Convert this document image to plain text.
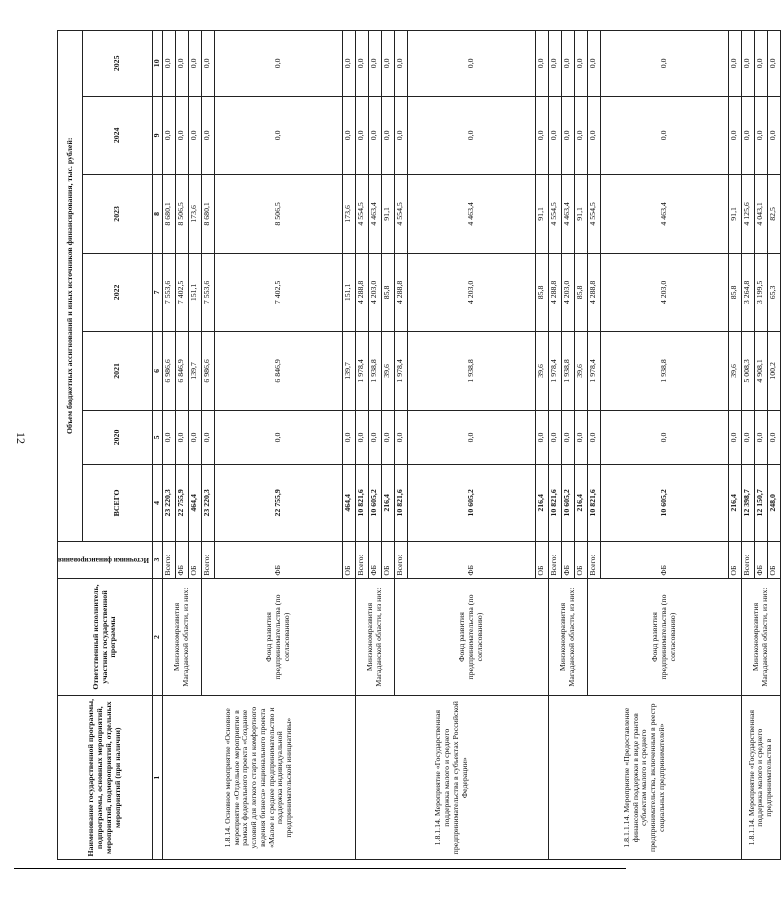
12
Наименование государственной программы, подпрограммы, основных мероприятий, мероприятий, подмероприятий, отдельных мероприятий (при наличии)	Ответственный исполнитель, участник государственной программы	Источники финансирования	Объем бюджетных ассигнований и иных источников финансирования, тыс. рублей:						
			ВСЕГО	2020	2021	2022	2023	2024	2025
1	2	3	4	5	6	7	8	9	10
1.8.14. Основное мероприятие «Основное мероприятие «Отдельное мероприятие в рамках федерального проекта «Создание условий для легкого старта и комфортного ведения бизнеса» национального проекта «Малое и среднее предпринимательство и поддержка индивидуальной предпринимательской инициативы»	Минэкономразвития Магаданской области, из них:	Всего:	23 220,3	0,0	6 986,6	7 553,6	8 680,1	0,0	0,0
		ФБ	22 755,9	0,0	6 846,9	7 402,5	8 506,5	0,0	0,0
		ОБ	464,4	0,0	139,7	151,1	173,6	0,0	0,0
	Фонд развития предпринимательства (по согласованию)	Всего:	23 220,3	0,0	6 986,6	7 553,6	8 680,1	0,0	0,0
		ФБ	22 755,9	0,0	6 846,9	7 402,5	8 506,5	0,0	0,0
		ОБ	464,4	0,0	139,7	151,1	173,6	0,0	0,0
1.8.1.14. Мероприятие «Государственная поддержка малого и среднего предпринимательства в субъектах Российской Федерации»	Минэкономразвития Магаданской области, из них:	Всего:	10 821,6	0,0	1 978,4	4 288,8	4 554,5	0,0	0,0
		ФБ	10 605,2	0,0	1 938,8	4 203,0	4 463,4	0,0	0,0
		ОБ	216,4	0,0	39,6	85,8	91,1	0,0	0,0
	Фонд развития предпринимательства (по согласованию)	Всего:	10 821,6	0,0	1 978,4	4 288,8	4 554,5	0,0	0,0
		ФБ	10 605,2	0,0	1 938,8	4 203,0	4 463,4	0,0	0,0
		ОБ	216,4	0,0	39,6	85,8	91,1	0,0	0,0
1.8.1.1.14. Мероприятие «Предоставление финансовой поддержки в виде грантов субъектам малого и среднего предпринимательства, включенным в реестр социальных предпринимателей»	Минэкономразвития Магаданской области, из них:	Всего:	10 821,6	0,0	1 978,4	4 288,8	4 554,5	0,0	0,0
		ФБ	10 605,2	0,0	1 938,8	4 203,0	4 463,4	0,0	0,0
		ОБ	216,4	0,0	39,6	85,8	91,1	0,0	0,0
	Фонд развития предпринимательства (по согласованию)	Всего:	10 821,6	0,0	1 978,4	4 288,8	4 554,5	0,0	0,0
		ФБ	10 605,2	0,0	1 938,8	4 203,0	4 463,4	0,0	0,0
		ОБ	216,4	0,0	39,6	85,8	91,1	0,0	0,0
1.8.1.14. Мероприятие «Государственная поддержка малого и среднего предпринимательства в	Минэкономразвития Магаданской области, из них:	Всего:	12 398,7	0,0	5 008,3	3 264,8	4 125,6	0,0	0,0
		ФБ	12 150,7	0,0	4 908,1	3 199,5	4 043,1	0,0	0,0
		ОБ	248,0	0,0	100,2	65,3	82,5	0,0	0,0
